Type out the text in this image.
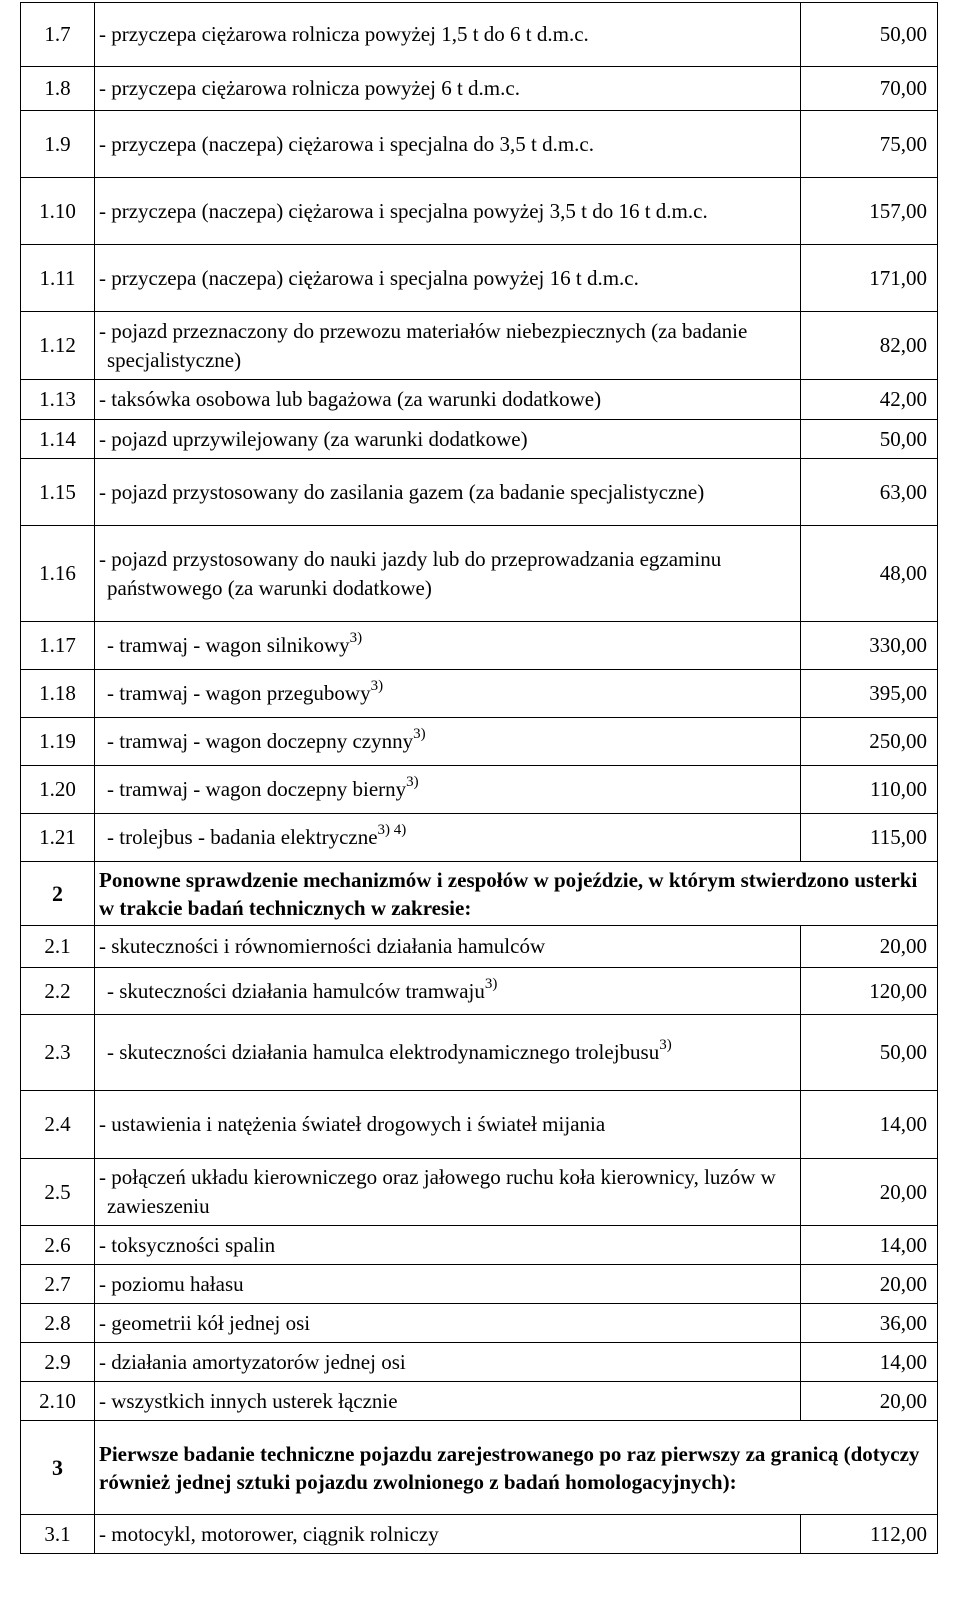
1.7	- przyczepa ciężarowa rolnicza powyżej 1,5 t do 6 t d.m.c.	50,00
1.8	- przyczepa ciężarowa rolnicza powyżej 6 t d.m.c.	70,00
1.9	- przyczepa (naczepa) ciężarowa i specjalna do 3,5 t d.m.c.	75,00
1.10	- przyczepa (naczepa) ciężarowa i specjalna powyżej 3,5 t do 16 t d.m.c.	157,00
1.11	- przyczepa (naczepa) ciężarowa i specjalna powyżej 16 t d.m.c.	171,00
1.12	- pojazd przeznaczony do przewozu materiałów niebezpiecznych (za badanie specjalistyczne)	82,00
1.13	- taksówka osobowa lub bagażowa (za warunki dodatkowe)	42,00
1.14	- pojazd uprzywilejowany (za warunki dodatkowe)	50,00
1.15	- pojazd przystosowany do zasilania gazem (za badanie specjalistyczne)	63,00
1.16	- pojazd przystosowany do nauki jazdy lub do przeprowadzania egzaminu państwowego (za warunki dodatkowe)	48,00
1.17	- tramwaj - wagon silnikowy$^{3)}$	330,00
1.18	- tramwaj - wagon przegubowy$^{3)}$	395,00
1.19	- tramwaj - wagon doczepny czynny$^{3)}$	250,00
1.20	- tramwaj - wagon doczepny bierny$^{3)}$	110,00
1.21	- trolejbus - badania elektryczne$^{3) 4)}$	115,00
2	Ponowne sprawdzenie mechanizmów i zespołów w pojeździe, w którym stwierdzono usterki w trakcie badań technicznych w zakresie:	
2.1	- skuteczności i równomierności działania hamulców	20,00
2.2	- skuteczności działania hamulców tramwaju$^{3)}$	120,00
2.3	- skuteczności działania hamulca elektrodynamicznego trolejbusu$^{3)}$	50,00
2.4	- ustawienia i natężenia świateł drogowych i świateł mijania	14,00
2.5	- połączeń układu kierowniczego oraz jałowego ruchu koła kierownicy, luzów w zawieszeniu	20,00
2.6	- toksyczności spalin	14,00
2.7	- poziomu hałasu	20,00
2.8	- geometrii kół jednej osi	36,00
2.9	- działania amortyzatorów jednej osi	14,00
2.10	- wszystkich innych usterek łącznie	20,00
3	Pierwsze badanie techniczne pojazdu zarejestrowanego po raz pierwszy za granicą (dotyczy również jednej sztuki pojazdu zwolnionego z badań homologacyjnych):	
3.1	- motocykl, motorower, ciągnik rolniczy	112,00
